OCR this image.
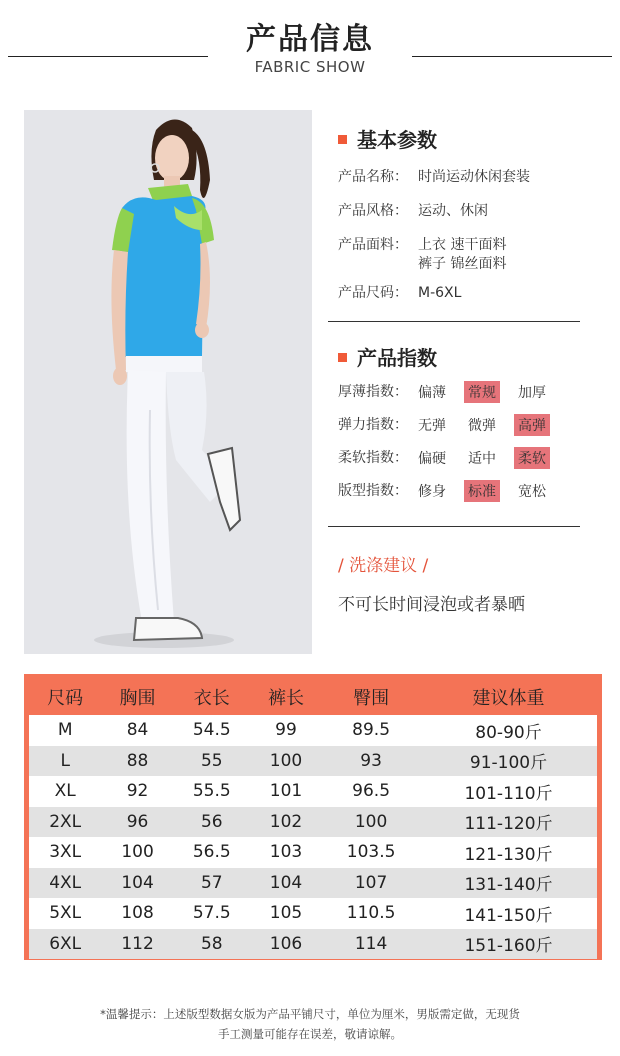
产品信息
FABRIC SHOW
基本参数
产品名称： 时尚运动休闲套装
产品风格： 运动、休闲
产品面料： 上衣 速干面料
裤子 锦丝面料
产品尺码： M-6XL
产品指数
厚薄指数： 偏薄 常规 加厚
弹力指数： 无弹 微弹 高弹
柔软指数： 偏硬 适中 柔软
版型指数： 修身 标准 宽松
/ 洗涤建议 /
不可长时间浸泡或者暴晒
尺码	胸围	衣长	裤长	臀围	建议体重
M	84	54.5	99	89.5	80-90斤
L	88	55	100	93	91-100斤
XL	92	55.5	101	96.5	101-110斤
2XL	96	56	102	100	111-120斤
3XL	100	56.5	103	103.5	121-130斤
4XL	104	57	104	107	131-140斤
5XL	108	57.5	105	110.5	141-150斤
6XL	112	58	106	114	151-160斤
*温馨提示：上述版型数据女版为产品平铺尺寸，单位为厘米，男版需定做，无现货
手工测量可能存在误差，敬请谅解。
